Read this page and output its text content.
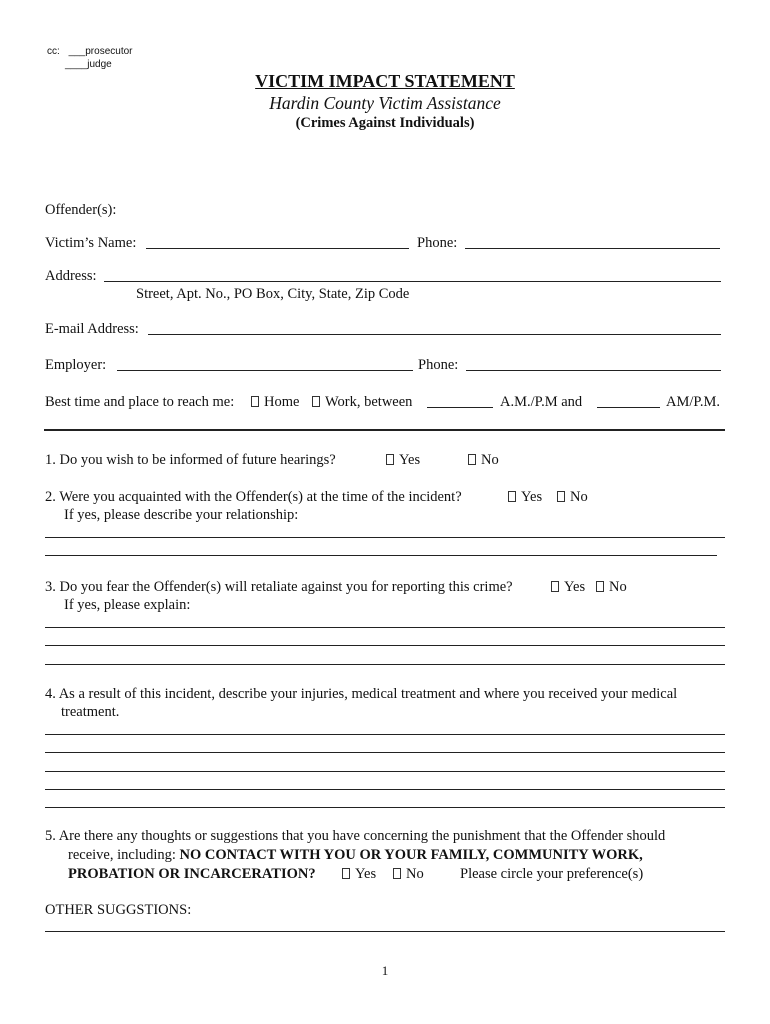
cc: ___prosecutor
____judge
VICTIM IMPACT STATEMENT
Hardin County Victim Assistance
(Crimes Against Individuals)
Offender(s):
Victim’s Name:	Phone:
Address:
Street, Apt. No., PO Box, City, State, Zip Code
E-mail Address:
Employer:	Phone:
Best time and place to reach me:	Home	Work, between	A.M./P.M and	AM/P.M.
1. Do you wish to be informed of future hearings?	Yes	No
2. Were you acquainted with the Offender(s) at the time of the incident?	Yes	No
If yes, please describe your relationship:
3. Do you fear the Offender(s) will retaliate against you for reporting this crime?	Yes	No
If yes, please explain:
4. As a result of this incident, describe your injuries, medical treatment and where you received your medical
treatment.
5. Are there any thoughts or suggestions that you have concerning the punishment that the Offender should
receive, including: NO CONTACT WITH YOU OR YOUR FAMILY, COMMUNITY WORK,
PROBATION OR INCARCERATION?	Yes	No	Please circle your preference(s)
OTHER SUGGSTIONS:
1
